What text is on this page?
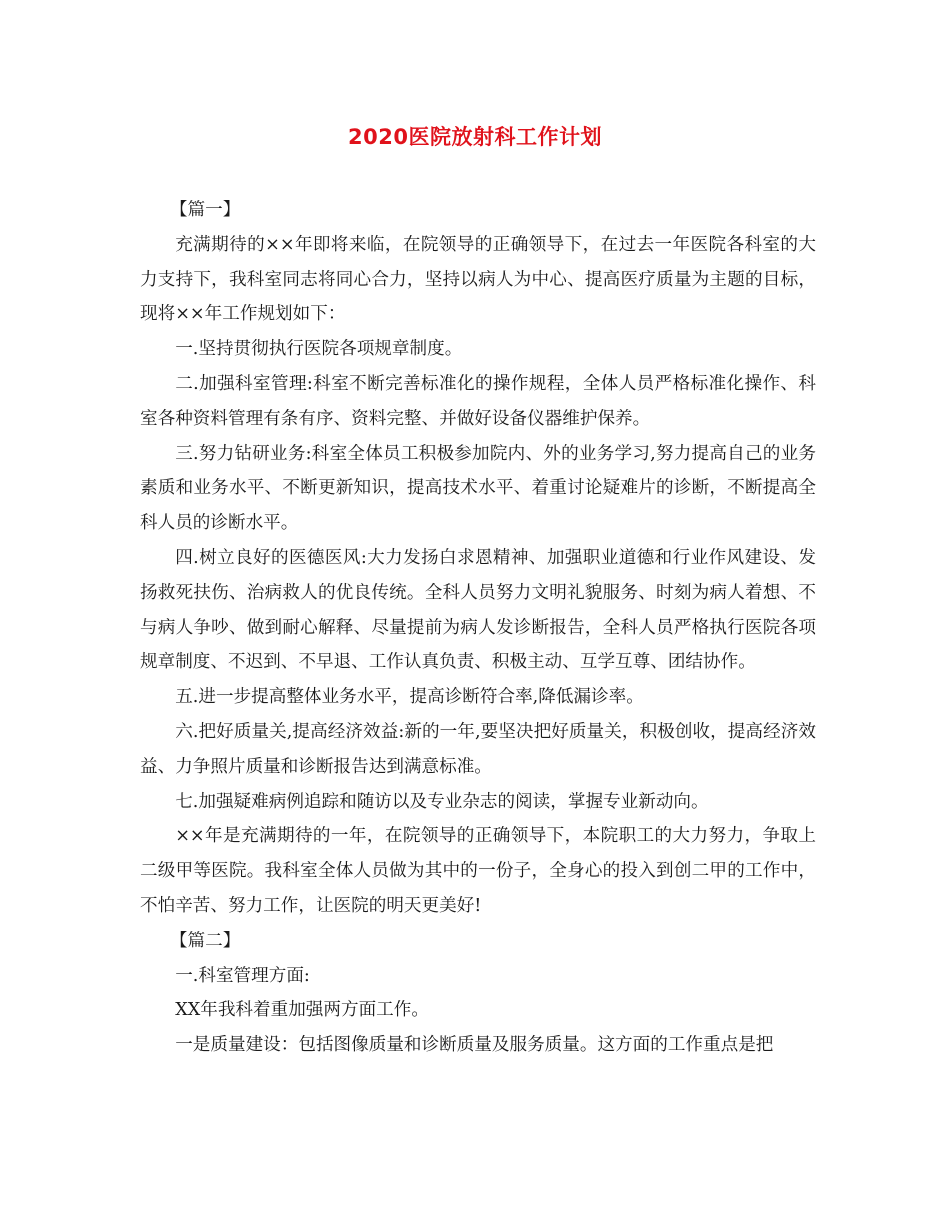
2020医院放射科工作计划

【篇一】

充满期待的××年即将来临，在院领导的正确领导下，在过去一年医院各科室的大力支持下，我科室同志将同心合力，坚持以病人为中心、提高医疗质量为主题的目标，现将××年工作规划如下：

一.坚持贯彻执行医院各项规章制度。

二.加强科室管理:科室不断完善标准化的操作规程，全体人员严格标准化操作、科室各种资料管理有条有序、资料完整、并做好设备仪器维护保养。

三.努力钻研业务:科室全体员工积极参加院内、外的业务学习,努力提高自己的业务素质和业务水平、不断更新知识，提高技术水平、着重讨论疑难片的诊断，不断提高全科人员的诊断水平。

四.树立良好的医德医风:大力发扬白求恩精神、加强职业道德和行业作风建设、发扬救死扶伤、治病救人的优良传统。全科人员努力文明礼貌服务、时刻为病人着想、不与病人争吵、做到耐心解释、尽量提前为病人发诊断报告，全科人员严格执行医院各项规章制度、不迟到、不早退、工作认真负责、积极主动、互学互尊、团结协作。

五.进一步提高整体业务水平，提高诊断符合率,降低漏诊率。

六.把好质量关,提高经济效益:新的一年,要坚决把好质量关，积极创收，提高经济效益、力争照片质量和诊断报告达到满意标准。

七.加强疑难病例追踪和随访以及专业杂志的阅读，掌握专业新动向。

××年是充满期待的一年，在院领导的正确领导下，本院职工的大力努力，争取上二级甲等医院。我科室全体人员做为其中的一份子，全身心的投入到创二甲的工作中，不怕辛苦、努力工作，让医院的明天更美好!

【篇二】

一.科室管理方面:

XX年我科着重加强两方面工作。

一是质量建设：包括图像质量和诊断质量及服务质量。这方面的工作重点是把
